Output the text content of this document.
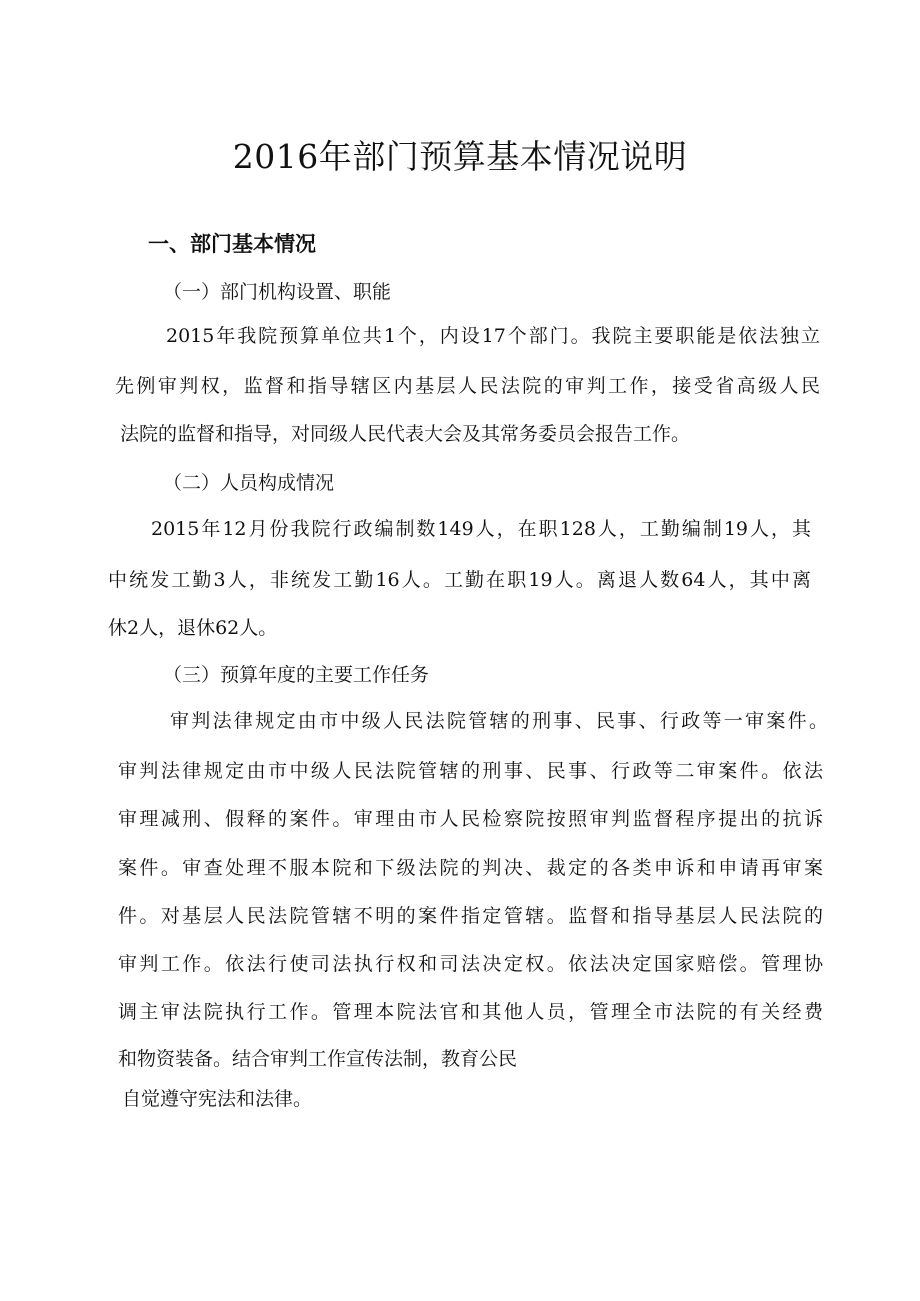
2016年部门预算基本情况说明
一、部门基本情况
（一）部门机构设置、职能
2015年我院预算单位共1个，内设17个部门。我院主要职能是依法独立
先例审判权，监督和指导辖区内基层人民法院的审判工作，接受省高级人民
法院的监督和指导，对同级人民代表大会及其常务委员会报告工作。
（二）人员构成情况
2015年12月份我院行政编制数149人，在职128人，工勤编制19人，其
中统发工勤3人，非统发工勤16人。工勤在职19人。离退人数64人，其中离
休2人，退休62人。
（三）预算年度的主要工作任务
审判法律规定由市中级人民法院管辖的刑事、民事、行政等一审案件。
审判法律规定由市中级人民法院管辖的刑事、民事、行政等二审案件。依法
审理减刑、假释的案件。审理由市人民检察院按照审判监督程序提出的抗诉
案件。审查处理不服本院和下级法院的判决、裁定的各类申诉和申请再审案
件。对基层人民法院管辖不明的案件指定管辖。监督和指导基层人民法院的
审判工作。依法行使司法执行权和司法决定权。依法决定国家赔偿。管理协
调主审法院执行工作。管理本院法官和其他人员，管理全市法院的有关经费
和物资装备。结合审判工作宣传法制，教育公民
自觉遵守宪法和法律。
